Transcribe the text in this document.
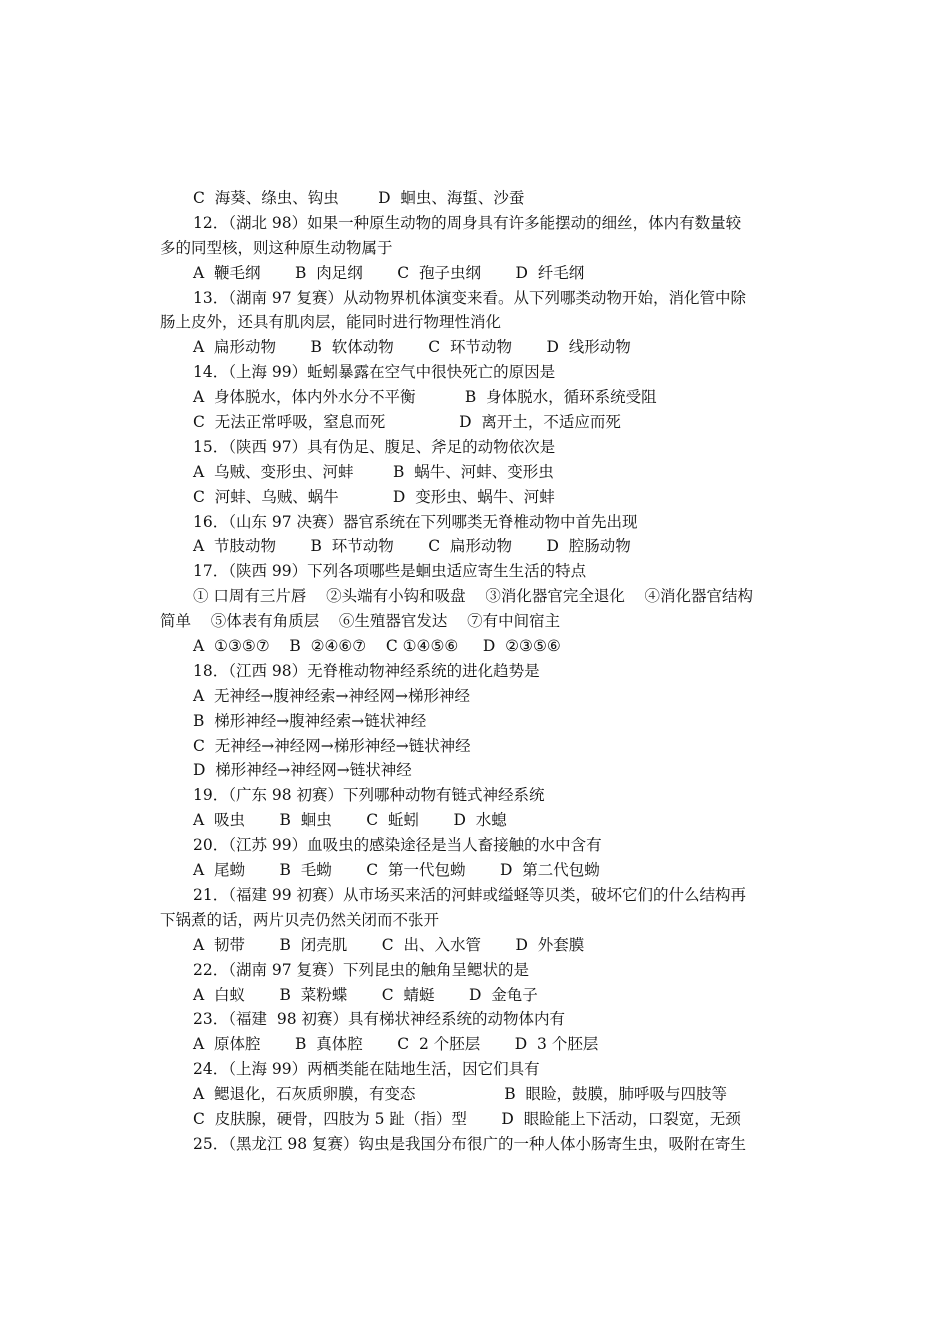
C  海葵、绦虫、钩虫        D  蛔虫、海蜇、沙蚕
12．（湖北 98）如果一种原生动物的周身具有许多能摆动的细丝，体内有数量较
多的同型核，则这种原生动物属于
A  鞭毛纲       B  肉足纲       C  孢子虫纲       D  纤毛纲
13．（湖南 97 复赛）从动物界机体演变来看。从下列哪类动物开始，消化管中除
肠上皮外，还具有肌肉层，能同时进行物理性消化
A  扁形动物       B  软体动物       C  环节动物       D  线形动物
14．（上海 99）蚯蚓暴露在空气中很快死亡的原因是
A  身体脱水，体内外水分不平衡          B  身体脱水，循环系统受阻
C  无法正常呼吸，窒息而死               D  离开土，不适应而死
15．（陕西 97）具有伪足、腹足、斧足的动物依次是
A  乌贼、变形虫、河蚌        B  蜗牛、河蚌、变形虫
C  河蚌、乌贼、蜗牛           D  变形虫、蜗牛、河蚌
16．（山东 97 决赛）器官系统在下列哪类无脊椎动物中首先出现
A  节肢动物       B  环节动物       C  扁形动物       D  腔肠动物
17．（陕西 99）下列各项哪些是蛔虫适应寄生生活的特点
① 口周有三片唇    ②头端有小钩和吸盘    ③消化器官完全退化    ④消化器官结构
简单    ⑤体表有角质层    ⑥生殖器官发达    ⑦有中间宿主
A  ①③⑤⑦    B  ②④⑥⑦    C ①④⑤⑥     D  ②③⑤⑥
18．（江西 98）无脊椎动物神经系统的进化趋势是
A  无神经→腹神经索→神经网→梯形神经
B  梯形神经→腹神经索→链状神经
C  无神经→神经网→梯形神经→链状神经
D  梯形神经→神经网→链状神经
19．（广东 98 初赛）下列哪种动物有链式神经系统
A  吸虫       B  蛔虫       C  蚯蚓       D  水螅
20．（江苏 99）血吸虫的感染途径是当人畜接触的水中含有
A  尾蚴       B  毛蚴       C  第一代包蚴       D  第二代包蚴
21．（福建 99 初赛）从市场买来活的河蚌或缢蛏等贝类，破坏它们的什么结构再
下锅煮的话，两片贝壳仍然关闭而不张开
A  韧带       B  闭壳肌       C  出、入水管       D  外套膜
22．（湖南 97 复赛）下列昆虫的触角呈鳃状的是
A  白蚁       B  菜粉蝶       C  蜻蜓       D  金龟子
23．（福建  98 初赛）具有梯状神经系统的动物体内有
A  原体腔       B  真体腔       C  2 个胚层       D  3 个胚层
24．（上海 99）两栖类能在陆地生活，因它们具有
A  鳃退化，石灰质卵膜，有变态                  B  眼睑，鼓膜，肺呼吸与四肢等
C  皮肤腺，硬骨，四肢为 5 趾（指）型       D  眼睑能上下活动，口裂宽，无颈
25．（黑龙江 98 复赛）钩虫是我国分布很广的一种人体小肠寄生虫，吸附在寄生
